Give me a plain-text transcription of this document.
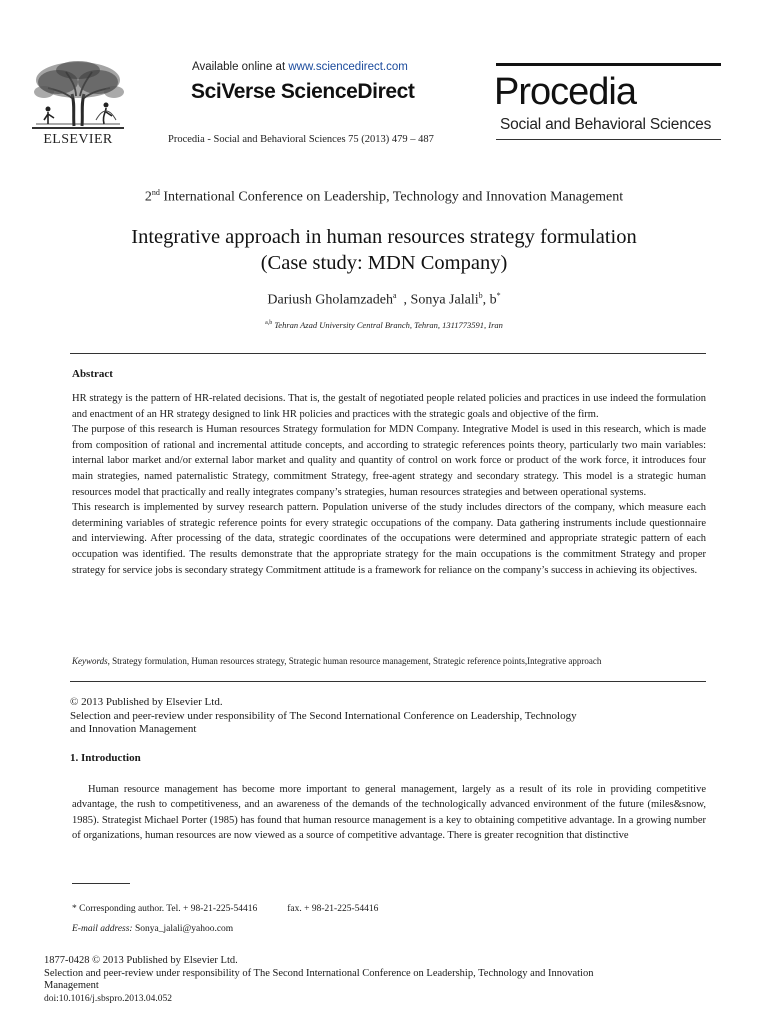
ELSEVIER
Available online at www.sciencedirect.com
SciVerse ScienceDirect
Procedia - Social and Behavioral Sciences 75 (2013) 479 – 487
Procedia
Social and Behavioral Sciences
2nd International Conference on Leadership, Technology and Innovation Management
Integrative approach in human resources strategy formulation
(Case study: MDN Company)
Dariush Gholamzadeh$^a$  , Sonya Jalali$^b$, b*
$^{a,b}$ Tehran Azad University Central Branch, Tehran, 1311773591, Iran
Abstract

HR strategy is the pattern of HR-related decisions. That is, the gestalt of negotiated people related policies and practices in use indeed the formulation and enactment of an HR strategy designed to link HR policies and practices with the strategic goals and objective of the firm.

The purpose of this research is Human resources Strategy formulation for MDN Company. Integrative Model is used in this research, which is made from composition of rational and incremental attitude concepts, and according to strategic references points theory, particularly two main variables: internal labor market and/or external labor market and quality and quantity of control on work force or product of the work force, it introduces four main strategies, named paternalistic Strategy, commitment Strategy, free-agent strategy and secondary strategy. This model is a strategic human resources model that practically and really integrates company’s strategies, human resources strategies and between operational systems.

This research is implemented by survey research pattern. Population universe of the study includes directors of the company, which measure each determining variables of strategic reference points for every strategic occupations of the company. Data gathering instruments include questionnaire and interviewing. After processing of the data, strategic coordinates of the occupations were determined and appropriate strategic pattern of each occupation was identified. The results demonstrate that the appropriate strategy for the main occupations is the commitment Strategy and proper strategy for service jobs is secondary strategy Commitment attitude is a framework for reliance on the company’s success in achieving its objectives.

Keywords, Strategy formulation, Human resources strategy, Strategic human resource management, Strategic reference points,Integrative approach
© 2013 Published by Elsevier Ltd.
Selection and peer-review under responsibility of The Second International Conference on Leadership, Technology
and Innovation Management
1. Introduction
Human resource management has become more important to general management, largely as a result of its role in providing competitive advantage, the rush to competitiveness, and an awareness of the demands of the technologically advanced environment of the future (miles&snow, 1985). Strategist Michael Porter (1985) has found that human resource management is a key to obtaining competitive advantage. In a growing number of organizations, human resources are now viewed as a source of competitive advantage. There is greater recognition that distinctive
* Corresponding author. Tel. + 98-21-225-54416	fax. + 98-21-225-54416
E-mail address: Sonya_jalali@yahoo.com
1877-0428 © 2013 Published by Elsevier Ltd.
Selection and peer-review under responsibility of The Second International Conference on Leadership, Technology and Innovation
Management
doi:10.1016/j.sbspro.2013.04.052
